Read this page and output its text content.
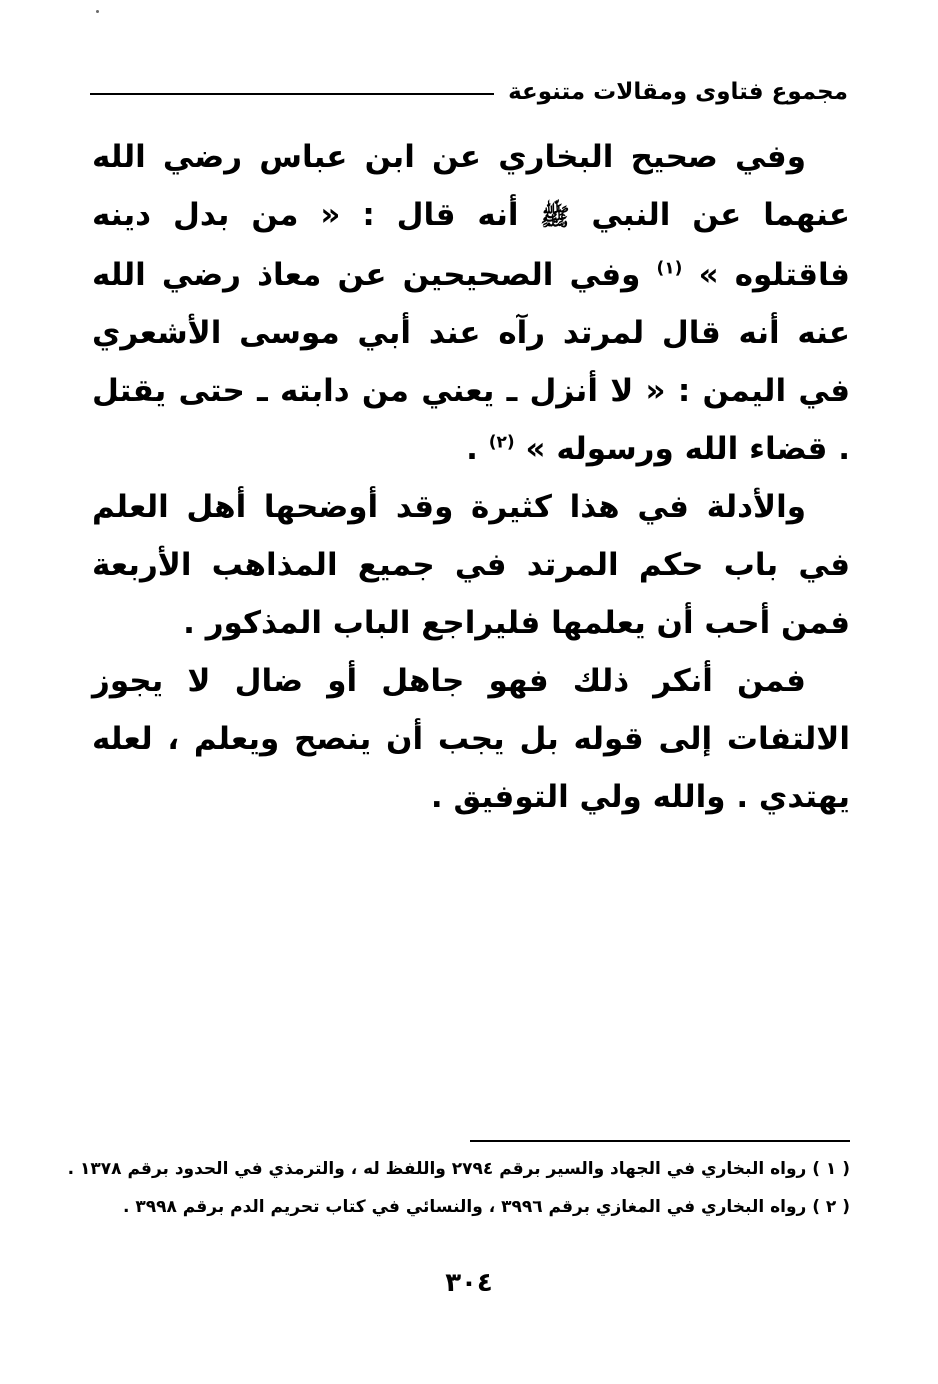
مجموع فتاوى ومقالات متنوعة

وفي صحيح البخاري عن ابن عباس رضي الله عنهما عن النبي ﷺ أنه قال : « من بدل دينه فاقتلوه » $^{(١)}$ وفي الصحيحين عن معاذ رضي الله عنه أنه قال لمرتد رآه عند أبي موسى الأشعري في اليمن : « لا أنزل ـ يعني من دابته ـ حتى يقتل . قضاء الله ورسوله » $^{(٢)}$ .

والأدلة في هذا كثيرة وقد أوضحها أهل العلم في باب حكم المرتد في جميع المذاهب الأربعة فمن أحب أن يعلمها فليراجع الباب المذكور .

فمن أنكر ذلك فهو جاهل أو ضال لا يجوز الالتفات إلى قوله بل يجب أن ينصح ويعلم ، لعله يهتدي . والله ولي التوفيق .

( ١ ) رواه البخاري في الجهاد والسير برقم ٢٧٩٤ واللفظ له ، والترمذي في الحدود برقم ١٣٧٨ .
( ٢ ) رواه البخاري في المغازي برقم ٣٩٩٦ ، والنسائي في كتاب تحريم الدم برقم ٣٩٩٨ .
٣٠٤
